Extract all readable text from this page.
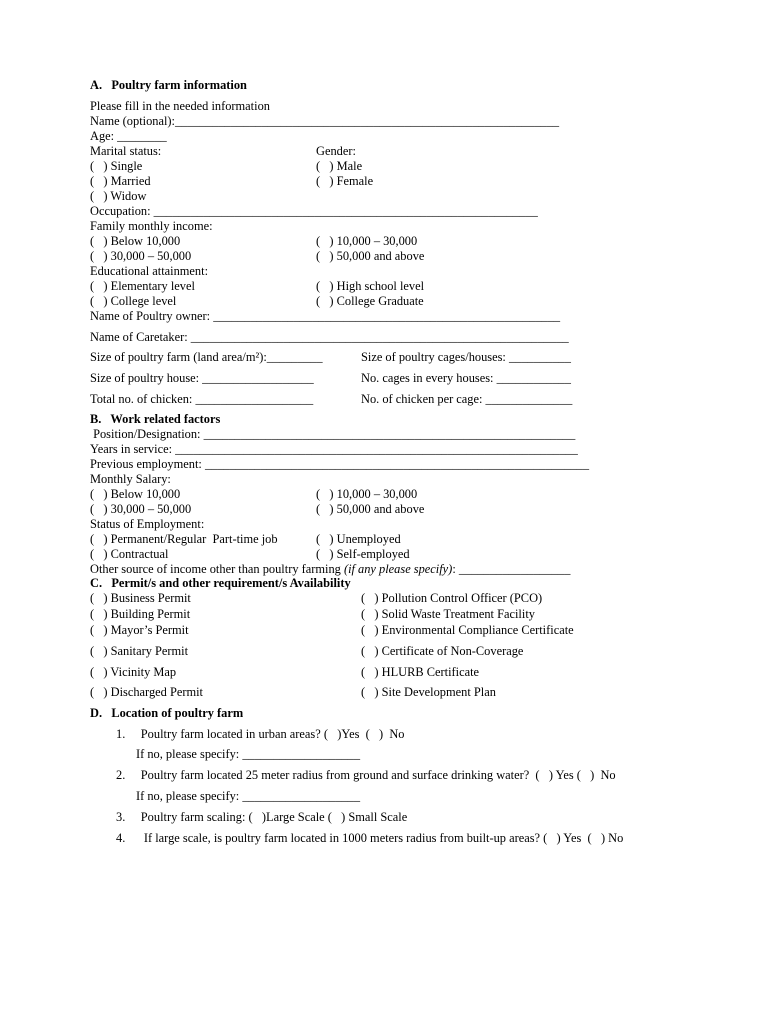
A.   Poultry farm information
Please fill in the needed information
Name (optional):______________________________________________________________
Age: ________
Marital status:	Gender:
(   ) Single	(   ) Male
(   ) Married	(   ) Female
(   ) Widow
Occupation: ______________________________________________________________
Family monthly income:
(   ) Below 10,000	(   ) 10,000 – 30,000
(   ) 30,000 – 50,000	(   ) 50,000 and above
Educational attainment:
(   ) Elementary level	(   ) High school level
(   ) College level	(   ) College Graduate
Name of Poultry owner: ________________________________________________________
Name of Caretaker: _____________________________________________________________
Size of poultry farm (land area/m²):_________	Size of poultry cages/houses: __________
Size of poultry house: __________________	No. cages in every houses: ____________
Total no. of chicken: ___________________	No. of chicken per cage: ______________
B.   Work related factors
Position/Designation: ____________________________________________________________
Years in service: _________________________________________________________________
Previous employment: ______________________________________________________________
Monthly Salary:
(   ) Below 10,000	(   ) 10,000 – 30,000
(   ) 30,000 – 50,000	(   ) 50,000 and above
Status of Employment:
(   ) Permanent/Regular  Part-time job	(   ) Unemployed
(   ) Contractual	(   ) Self-employed
Other source of income other than poultry farming (if any please specify): __________________
C.   Permit/s and other requirement/s Availability
(   ) Business Permit	(   ) Pollution Control Officer (PCO)
(   ) Building Permit	(   ) Solid Waste Treatment Facility
(   ) Mayor’s Permit	(   ) Environmental Compliance Certificate
(   ) Sanitary Permit	(   ) Certificate of Non-Coverage
(   ) Vicinity Map	(   ) HLURB Certificate
(   ) Discharged Permit	(   ) Site Development Plan
D.   Location of poultry farm
1.     Poultry farm located in urban areas? (   )Yes  (   )  No
If no, please specify: ___________________
2.     Poultry farm located 25 meter radius from ground and surface drinking water?  (   ) Yes (   )  No
If no, please specify: ___________________
3.     Poultry farm scaling: (   )Large Scale (   ) Small Scale
4.      If large scale, is poultry farm located in 1000 meters radius from built-up areas? (   ) Yes  (   ) No
